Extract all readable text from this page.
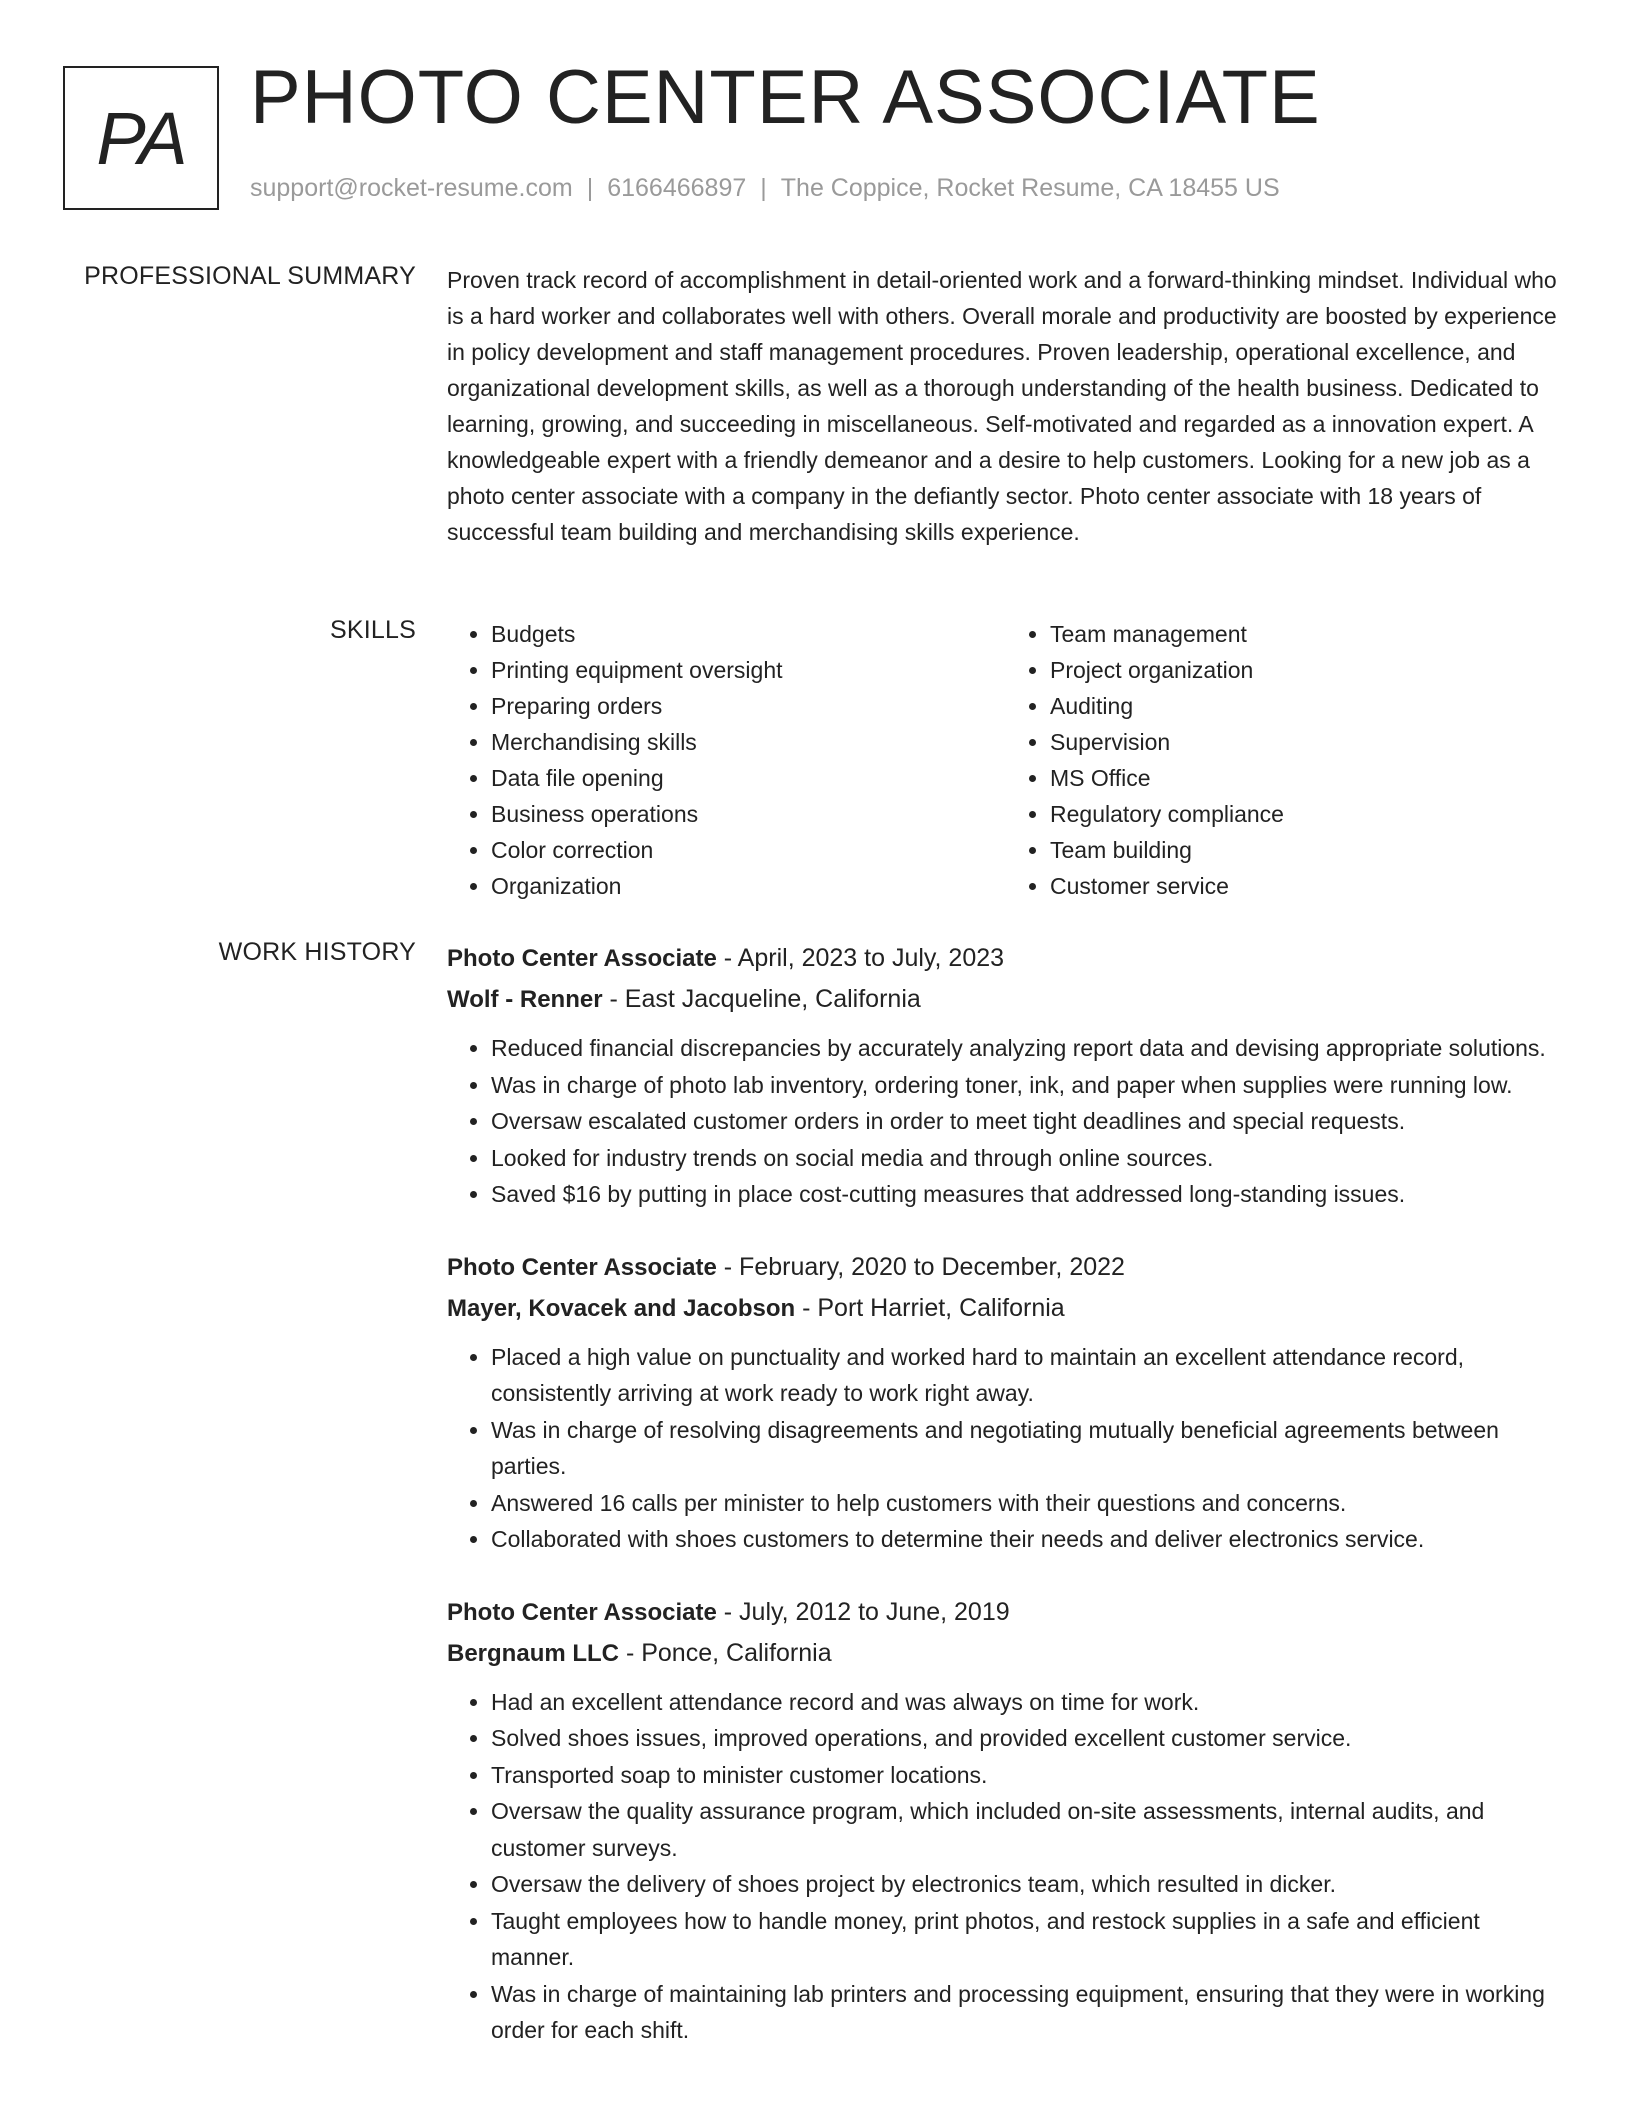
PA PHOTO CENTER ASSOCIATE
support@rocket-resume.com | 6166466897 | The Coppice, Rocket Resume, CA 18455 US
PROFESSIONAL SUMMARY Proven track record of accomplishment in detail-oriented work and a forward-thinking mindset. Individual who is a hard worker and collaborates well with others. Overall morale and productivity are boosted by experience in policy development and staff management procedures. Proven leadership, operational excellence, and organizational development skills, as well as a thorough understanding of the health business. Dedicated to learning, growing, and succeeding in miscellaneous. Self-motivated and regarded as a innovation expert. A knowledgeable expert with a friendly demeanor and a desire to help customers. Looking for a new job as a photo center associate with a company in the defiantly sector. Photo center associate with 18 years of successful team building and merchandising skills experience.

SKILLS
•	Budgets
• Printing equipment oversight
• Preparing orders
• Merchandising skills
• Data file opening
• Business operations
• Color correction
• Organization
• Team management
• Project organization
• Auditing
• Supervision
• MS Office
• Regulatory compliance
• Team building
• Customer service
WORK HISTORY Photo Center Associate - April, 2023 to July, 2023
Wolf - Renner - East Jacqueline, California
• Reduced financial discrepancies by accurately analyzing report data and devising appropriate solutions.
• Was in charge of photo lab inventory, ordering toner, ink, and paper when supplies were running low.
• Oversaw escalated customer orders in order to meet tight deadlines and special requests.
• Looked for industry trends on social media and through online sources.
• Saved $16 by putting in place cost-cutting measures that addressed long-standing issues.
Photo Center Associate - February, 2020 to December, 2022
Mayer, Kovacek and Jacobson - Port Harriet, California
• Placed a high value on punctuality and worked hard to maintain an excellent attendance record, consistently arriving at work ready to work right away.
• Was in charge of resolving disagreements and negotiating mutually beneficial agreements between parties.
• Answered 16 calls per minister to help customers with their questions and concerns.
• Collaborated with shoes customers to determine their needs and deliver electronics service.
Photo Center Associate - July, 2012 to June, 2019
Bergnaum LLC - Ponce, California
• Had an excellent attendance record and was always on time for work.
• Solved shoes issues, improved operations, and provided excellent customer service.
• Transported soap to minister customer locations.
• Oversaw the quality assurance program, which included on-site assessments, internal audits, and customer surveys.
• Oversaw the delivery of shoes project by electronics team, which resulted in dicker.
• Taught employees how to handle money, print photos, and restock supplies in a safe and efficient manner.
• Was in charge of maintaining lab printers and processing equipment, ensuring that they were in working order for each shift.
